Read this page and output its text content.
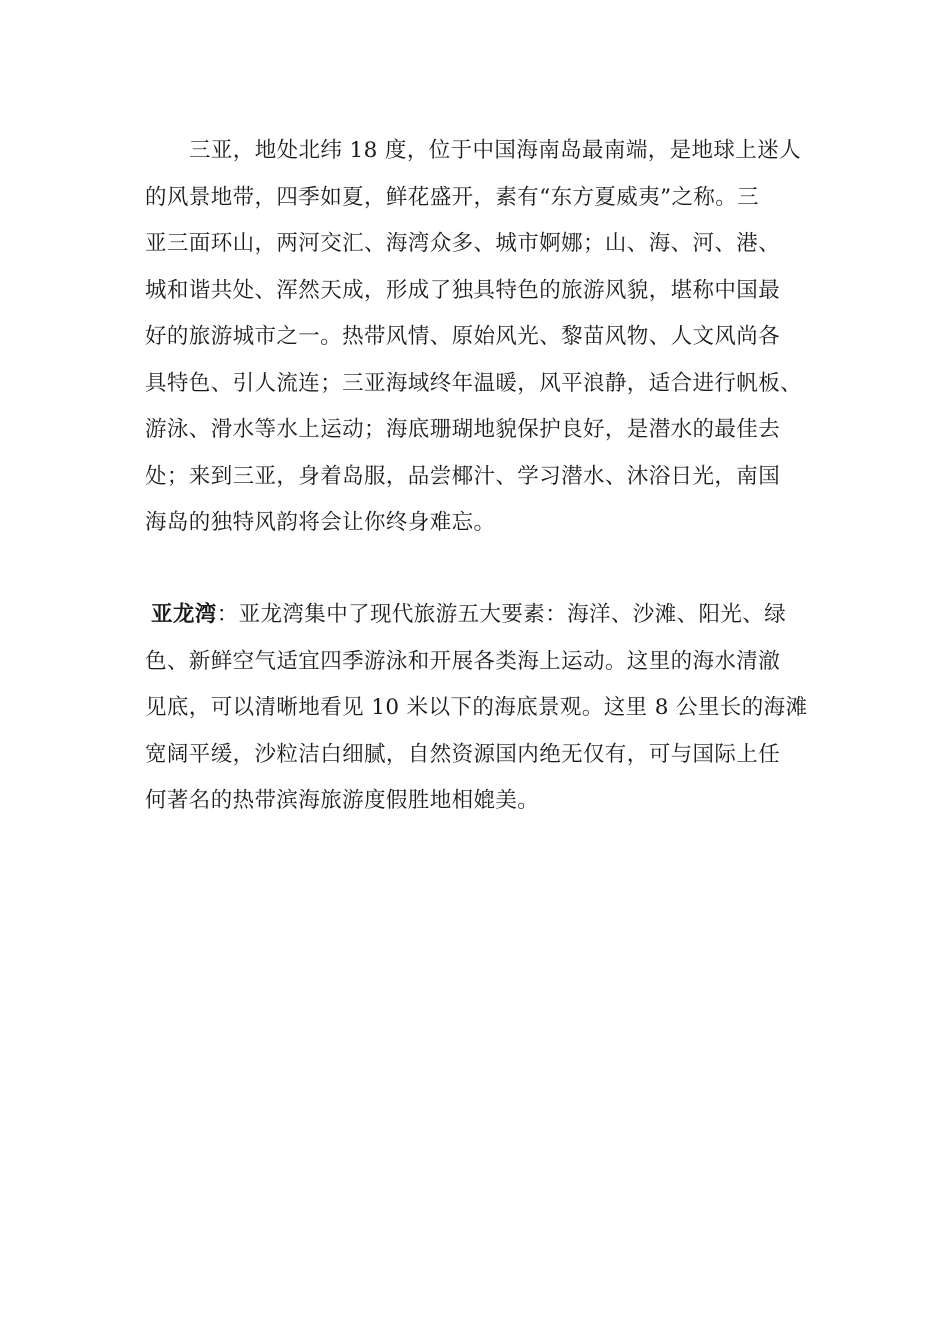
三亚，地处北纬 18 度，位于中国海南岛最南端，是地球上迷人
的风景地带，四季如夏，鲜花盛开，素有“东方夏威夷”之称。三
亚三面环山，两河交汇、海湾众多、城市婀娜；山、海、河、港、
城和谐共处、浑然天成，形成了独具特色的旅游风貌，堪称中国最
好的旅游城市之一。热带风情、原始风光、黎苗风物、人文风尚各
具特色、引人流连；三亚海域终年温暖，风平浪静，适合进行帆板、
游泳、滑水等水上运动；海底珊瑚地貌保护良好，是潜水的最佳去
处；来到三亚，身着岛服，品尝椰汁、学习潜水、沐浴日光，南国
海岛的独特风韵将会让你终身难忘。
亚龙湾：亚龙湾集中了现代旅游五大要素：海洋、沙滩、阳光、绿
色、新鲜空气适宜四季游泳和开展各类海上运动。这里的海水清澈
见底，可以清晰地看见 10 米以下的海底景观。这里 8 公里长的海滩
宽阔平缓，沙粒洁白细腻，自然资源国内绝无仅有，可与国际上任
何著名的热带滨海旅游度假胜地相媲美。
